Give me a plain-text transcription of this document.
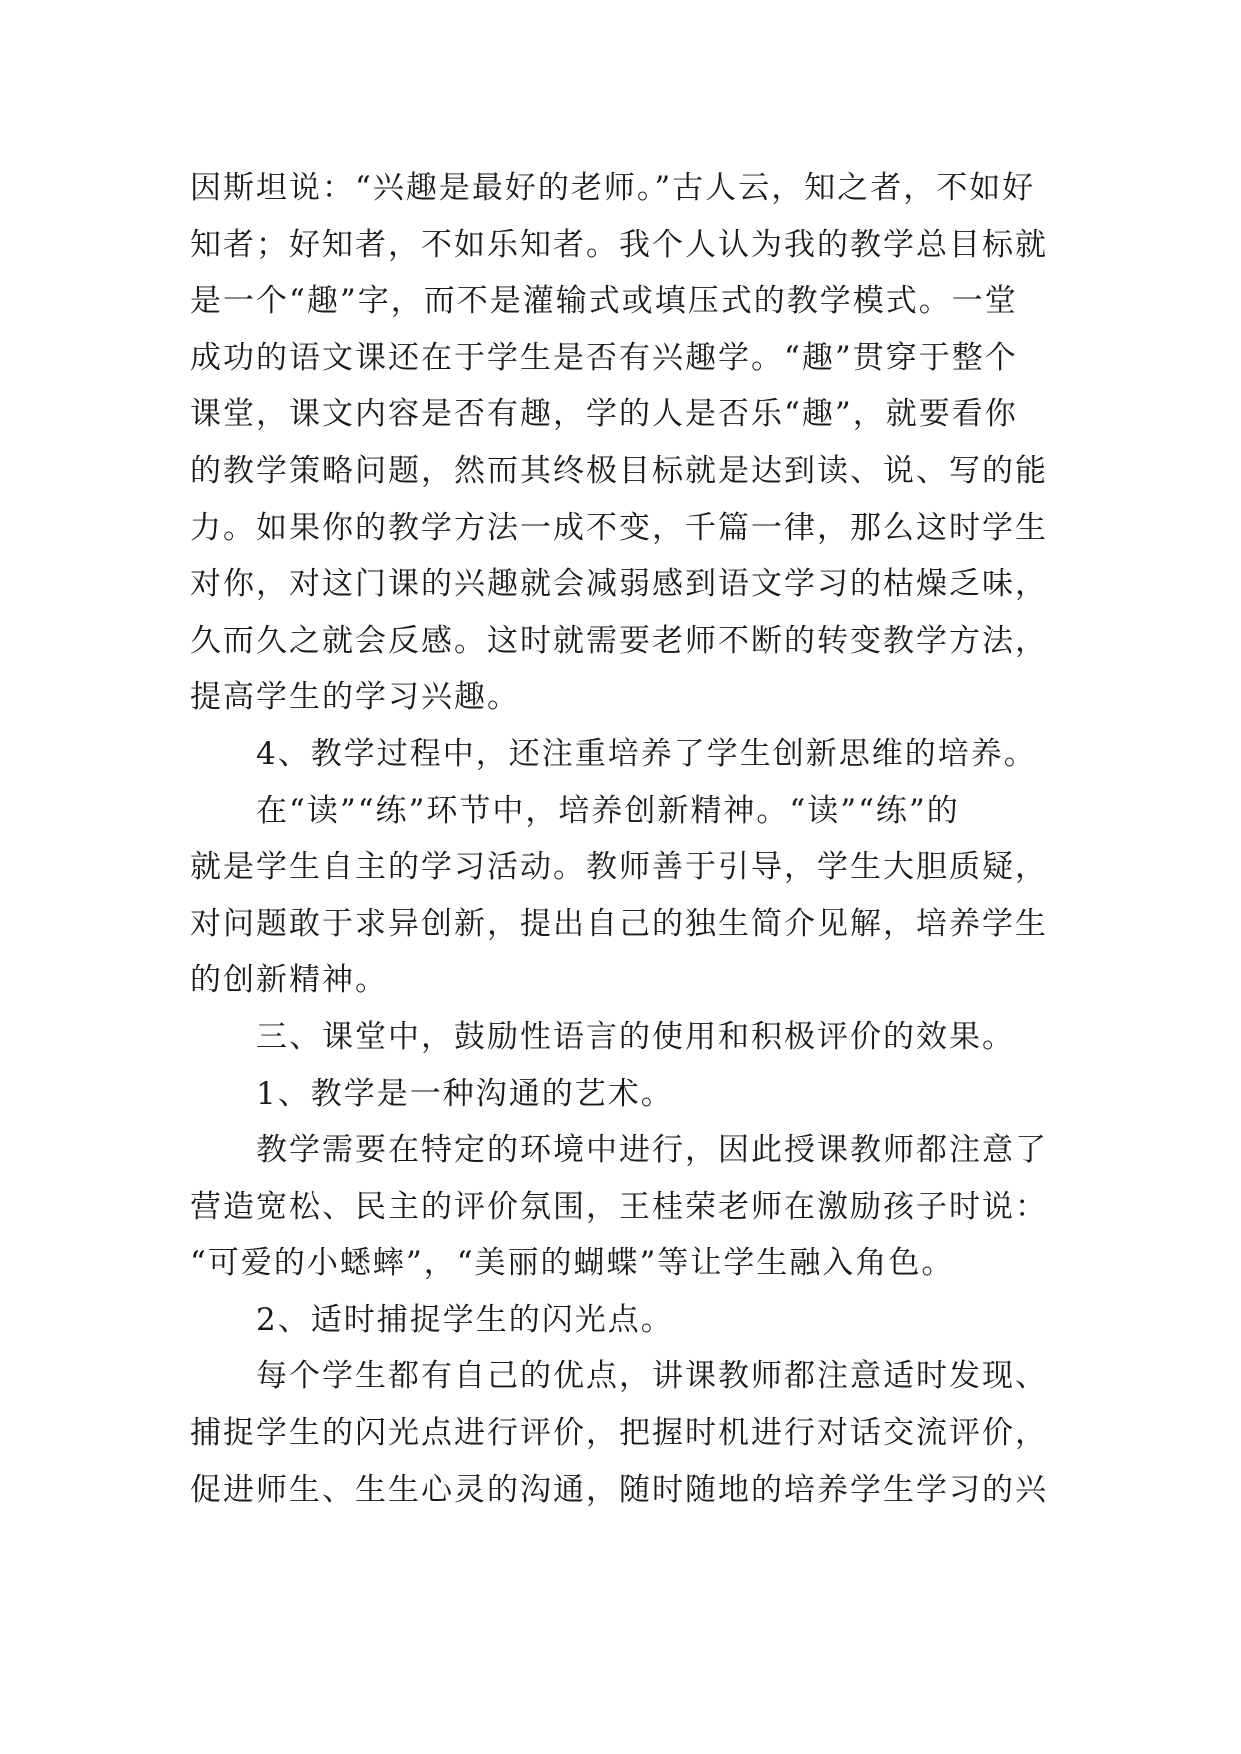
因斯坦说：“兴趣是最好的老师。”古人云，知之者，不如好
知者；好知者，不如乐知者。我个人认为我的教学总目标就
是一个“趣”字，而不是灌输式或填压式的教学模式。一堂
成功的语文课还在于学生是否有兴趣学。“趣”贯穿于整个
课堂，课文内容是否有趣，学的人是否乐“趣”，就要看你
的教学策略问题，然而其终极目标就是达到读、说、写的能
力。如果你的教学方法一成不变，千篇一律，那么这时学生
对你，对这门课的兴趣就会减弱感到语文学习的枯燥乏味，
久而久之就会反感。这时就需要老师不断的转变教学方法，
提高学生的学习兴趣。
4、教学过程中，还注重培养了学生创新思维的培养。
在“读”“练”环节中，培养创新精神。“读”“练”的
就是学生自主的学习活动。教师善于引导，学生大胆质疑，
对问题敢于求异创新，提出自己的独生简介见解，培养学生
的创新精神。
三、课堂中，鼓励性语言的使用和积极评价的效果。
1、教学是一种沟通的艺术。
教学需要在特定的环境中进行，因此授课教师都注意了
营造宽松、民主的评价氛围，王桂荣老师在激励孩子时说：
“可爱的小蟋蟀”，“美丽的蝴蝶”等让学生融入角色。
2、适时捕捉学生的闪光点。
每个学生都有自己的优点，讲课教师都注意适时发现、
捕捉学生的闪光点进行评价，把握时机进行对话交流评价，
促进师生、生生心灵的沟通，随时随地的培养学生学习的兴
